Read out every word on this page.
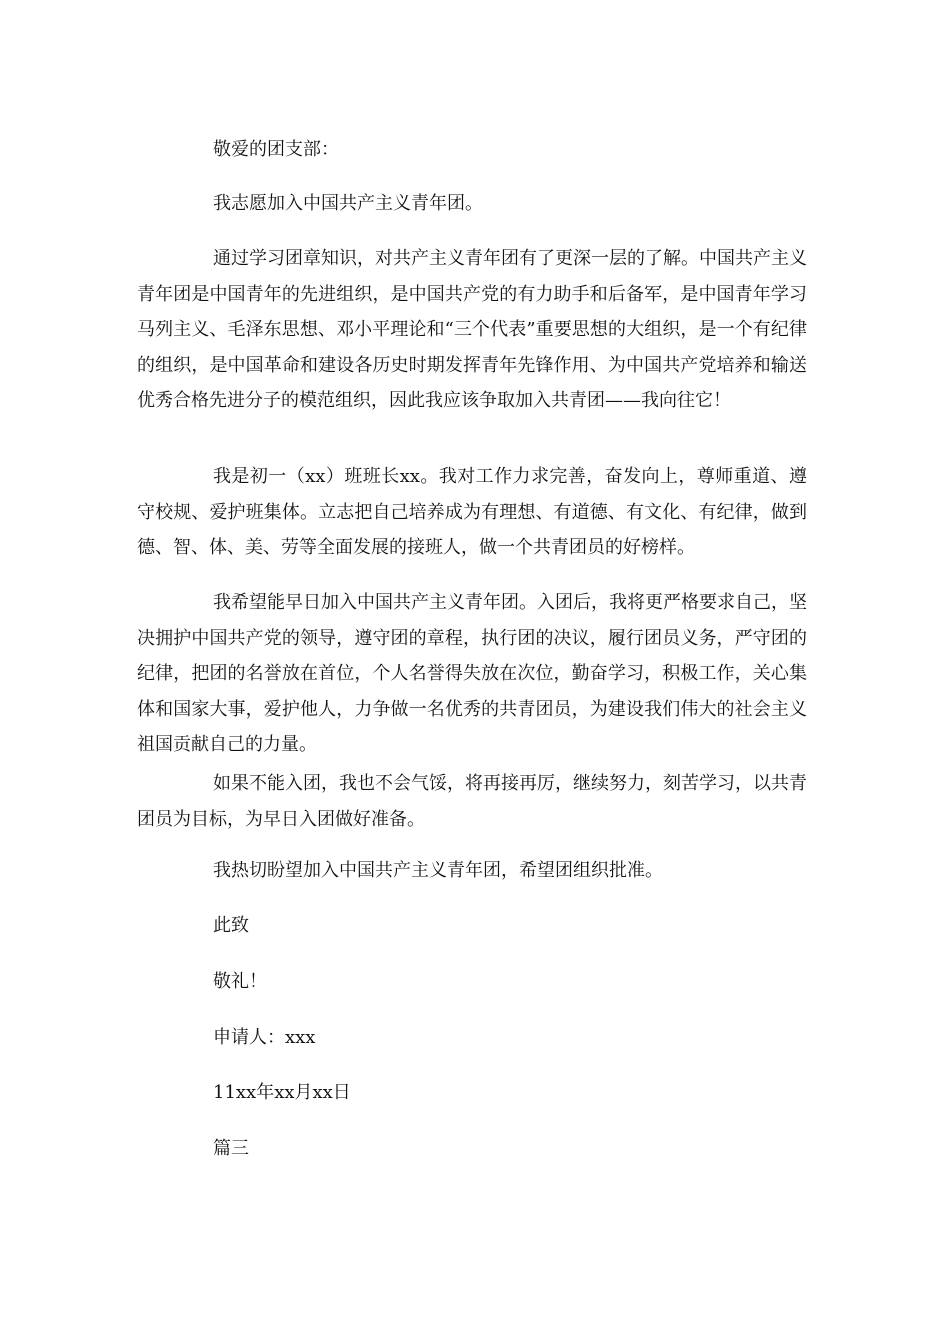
敬爱的团支部：

我志愿加入中国共产主义青年团。

通过学习团章知识，对共产主义青年团有了更深一层的了解。中国共产主义青年团是中国青年的先进组织，是中国共产党的有力助手和后备军，是中国青年学习马列主义、毛泽东思想、邓小平理论和“三个代表”重要思想的大组织，是一个有纪律的组织，是中国革命和建设各历史时期发挥青年先锋作用、为中国共产党培养和输送优秀合格先进分子的模范组织，因此我应该争取加入共青团——我向往它！

我是初一（xx）班班长xx。我对工作力求完善，奋发向上，尊师重道、遵守校规、爱护班集体。立志把自己培养成为有理想、有道德、有文化、有纪律，做到德、智、体、美、劳等全面发展的接班人，做一个共青团员的好榜样。

我希望能早日加入中国共产主义青年团。入团后，我将更严格要求自己，坚决拥护中国共产党的领导，遵守团的章程，执行团的决议，履行团员义务，严守团的纪律，把团的名誉放在首位，个人名誉得失放在次位，勤奋学习，积极工作，关心集体和国家大事，爱护他人，力争做一名优秀的共青团员，为建设我们伟大的社会主义祖国贡献自己的力量。

如果不能入团，我也不会气馁，将再接再厉，继续努力，刻苦学习，以共青团员为目标，为早日入团做好准备。

我热切盼望加入中国共产主义青年团，希望团组织批准。

此致

敬礼！

申请人：xxx

11xx年xx月xx日

篇三
